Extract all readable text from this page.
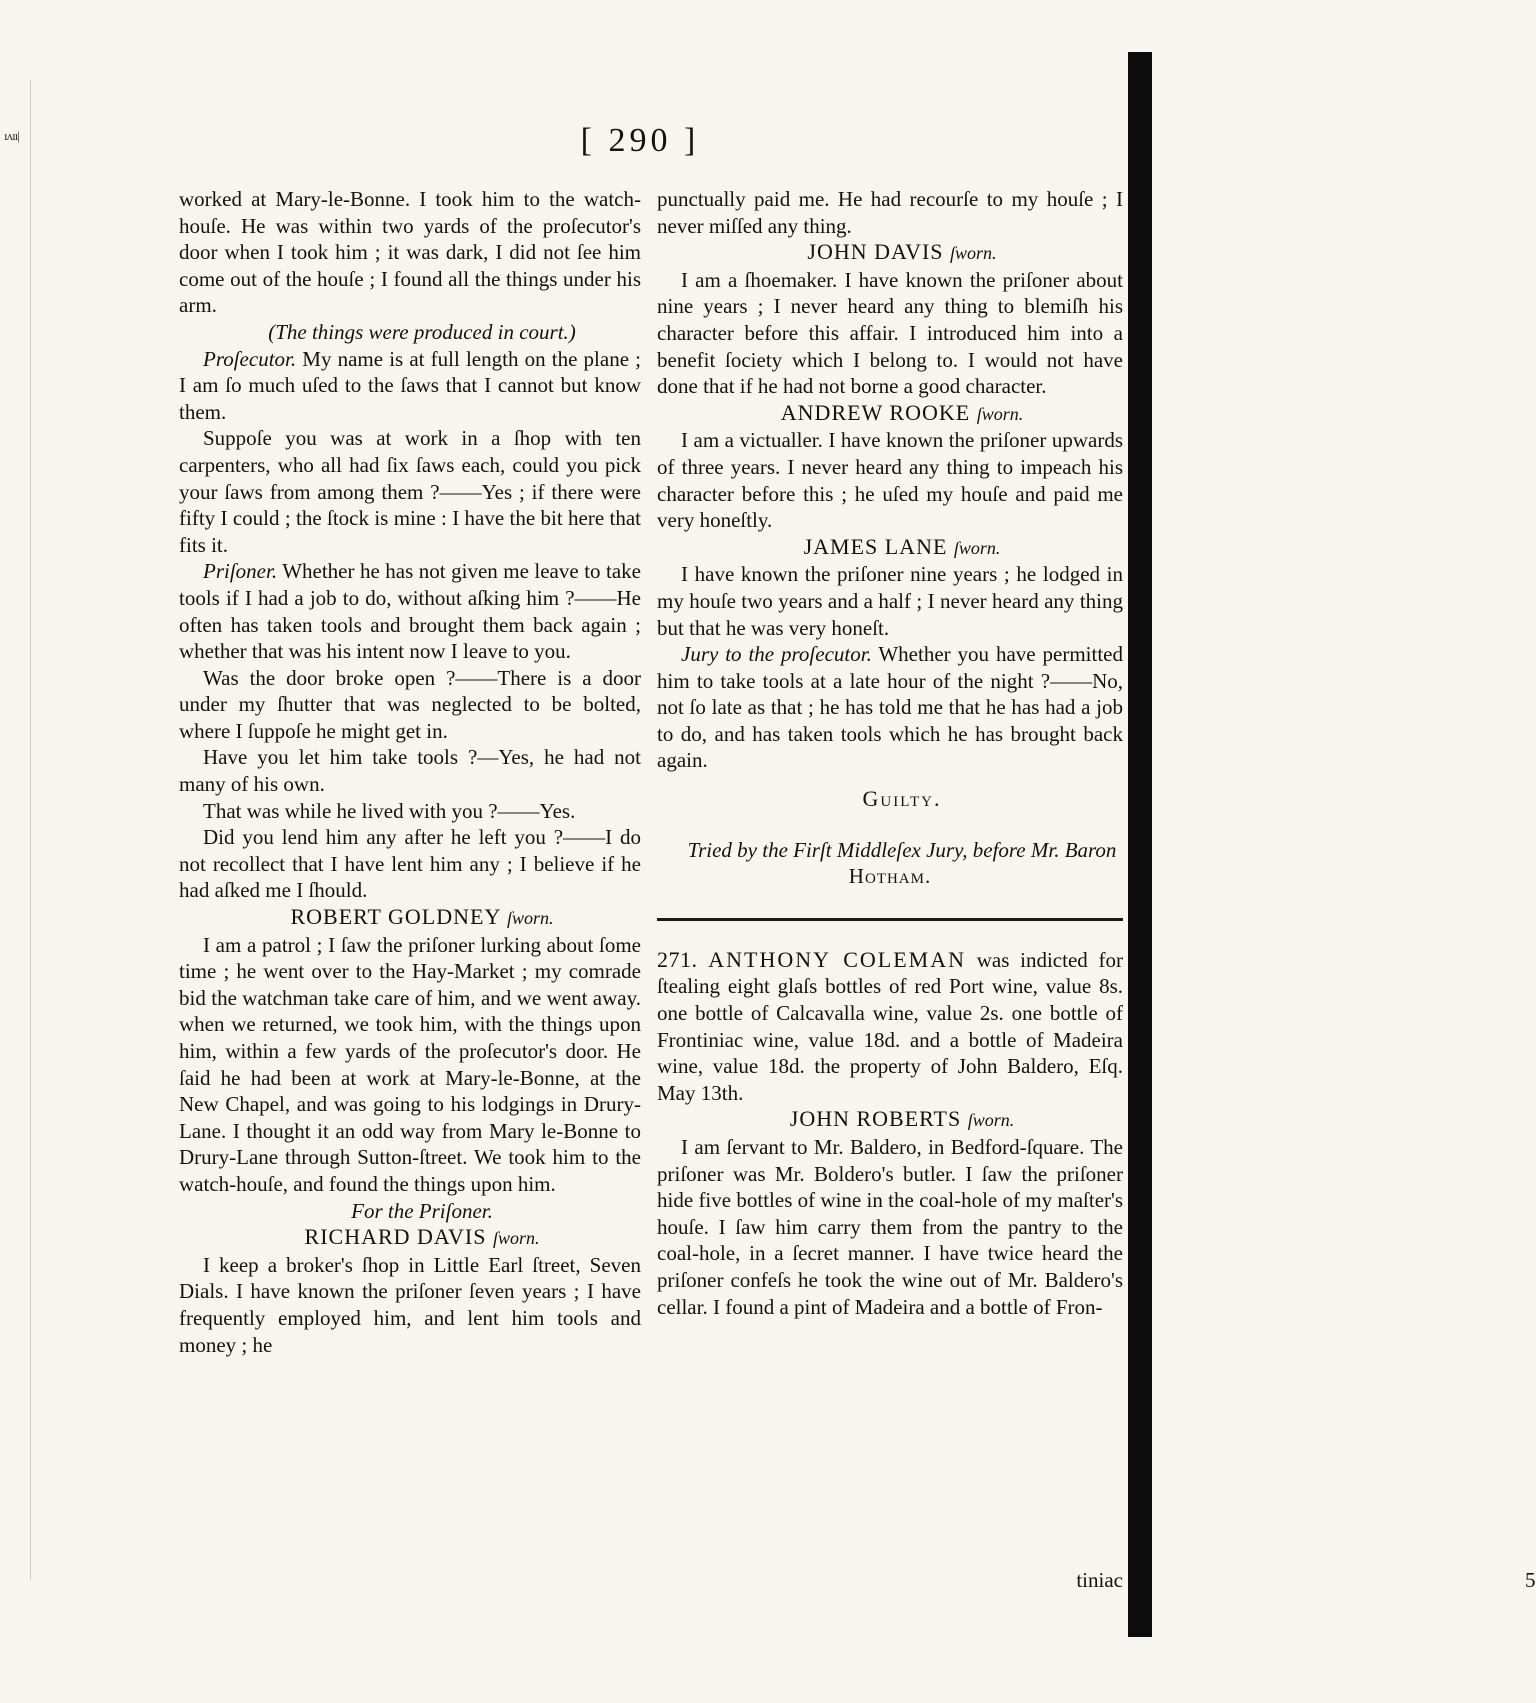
ıʌıı|	[ 290 ]

worked at Mary-le-Bonne. I took him to the watch-houſe. He was within two yards of the proſecutor's door when I took him ; it was dark, I did not ſee him come out of the houſe ; I found all the things under his arm.

(The things were produced in court.)

Proſecutor. My name is at full length on the plane ; I am ſo much uſed to the ſaws that I cannot but know them.

Suppoſe you was at work in a ſhop with ten carpenters, who all had ſix ſaws each, could you pick your ſaws from among them ?——Yes ; if there were fifty I could ; the ſtock is mine : I have the bit here that fits it.

Priſoner. Whether he has not given me leave to take tools if I had a job to do, without aſking him ?——He often has taken tools and brought them back again ; whether that was his intent now I leave to you.

Was the door broke open ?——There is a door under my ſhutter that was neglected to be bolted, where I ſuppoſe he might get in.

Have you let him take tools ?—Yes, he had not many of his own.

That was while he lived with you ?——Yes.

Did you lend him any after he left you ?——I do not recollect that I have lent him any ; I believe if he had aſked me I ſhould.

ROBERT GOLDNEY ſworn.

I am a patrol ; I ſaw the priſoner lurking about ſome time ; he went over to the Hay-Market ; my comrade bid the watchman take care of him, and we went away. when we returned, we took him, with the things upon him, within a few yards of the proſecutor's door. He ſaid he had been at work at Mary-le-Bonne, at the New Chapel, and was going to his lodgings in Drury-Lane. I thought it an odd way from Mary le-Bonne to Drury-Lane through Sutton-ſtreet. We took him to the watch-houſe, and found the things upon him.

For the Priſoner.

RICHARD DAVIS ſworn.

I keep a broker's ſhop in Little Earl ſtreet, Seven Dials. I have known the priſoner ſeven years ; I have frequently employed him, and lent him tools and money ; he

punctually paid me. He had recourſe to my houſe ; I never miſſed any thing.

JOHN DAVIS ſworn.

I am a ſhoemaker. I have known the priſoner about nine years ; I never heard any thing to blemiſh his character before this affair. I introduced him into a benefit ſociety which I belong to. I would not have done that if he had not borne a good character.

ANDREW ROOKE ſworn.

I am a victualler. I have known the priſoner upwards of three years. I never heard any thing to impeach his character before this ; he uſed my houſe and paid me very honeſtly.

JAMES LANE ſworn.

I have known the priſoner nine years ; he lodged in my houſe two years and a half ; I never heard any thing but that he was very honeſt.

Jury to the proſecutor. Whether you have permitted him to take tools at a late hour of the night ?——No, not ſo late as that ; he has told me that he has had a job to do, and has taken tools which he has brought back again.

Guilty.

Tried by the Firſt Middleſex Jury, before Mr. Baron Hotham.

271. ANTHONY COLEMAN was indicted for ſtealing eight glaſs bottles of red Port wine, value 8s. one bottle of Calcavalla wine, value 2s. one bottle of Frontiniac wine, value 18d. and a bottle of Madeira wine, value 18d. the property of John Baldero, Eſq. May 13th.

JOHN ROBERTS ſworn.

I am ſervant to Mr. Baldero, in Bedford-ſquare. The priſoner was Mr. Boldero's butler. I ſaw the priſoner hide five bottles of wine in the coal-hole of my maſter's houſe. I ſaw him carry them from the pantry to the coal-hole, in a ſecret manner. I have twice heard the priſoner confeſs he took the wine out of Mr. Baldero's cellar. I found a pint of Madeira and a bottle of Fron-

5
tiniac
